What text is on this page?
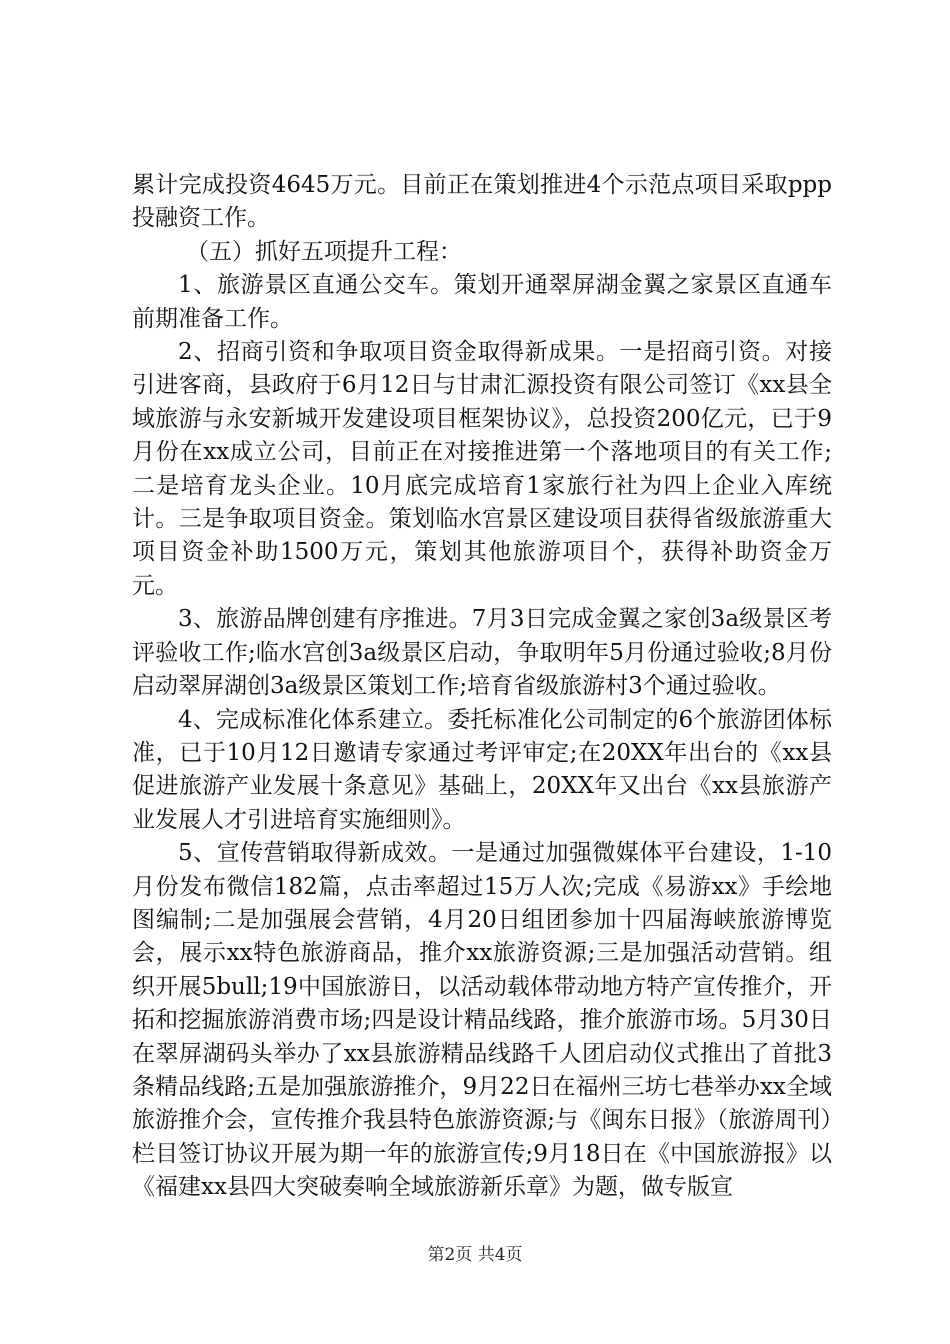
累计完成投资4645万元。目前正在策划推进4个示范点项目采取ppp投融资工作。

（五）抓好五项提升工程：

1、旅游景区直通公交车。策划开通翠屏湖金翼之家景区直通车前期准备工作。

2、招商引资和争取项目资金取得新成果。一是招商引资。对接引进客商，县政府于6月12日与甘肃汇源投资有限公司签订《xx县全域旅游与永安新城开发建设项目框架协议》，总投资200亿元，已于9月份在xx成立公司，目前正在对接推进第一个落地项目的有关工作;二是培育龙头企业。10月底完成培育1家旅行社为四上企业入库统计。三是争取项目资金。策划临水宫景区建设项目获得省级旅游重大项目资金补助1500万元，策划其他旅游项目个，获得补助资金万元。

3、旅游品牌创建有序推进。7月3日完成金翼之家创3a级景区考评验收工作;临水宫创3a级景区启动，争取明年5月份通过验收;8月份启动翠屏湖创3a级景区策划工作;培育省级旅游村3个通过验收。

4、完成标准化体系建立。委托标准化公司制定的6个旅游团体标准，已于10月12日邀请专家通过考评审定;在20XX年出台的《xx县促进旅游产业发展十条意见》基础上，20XX年又出台《xx县旅游产业发展人才引进培育实施细则》。

5、宣传营销取得新成效。一是通过加强微媒体平台建设，1-10月份发布微信182篇，点击率超过15万人次;完成《易游xx》手绘地图编制;二是加强展会营销，4月20日组团参加十四届海峡旅游博览会，展示xx特色旅游商品，推介xx旅游资源;三是加强活动营销。组织开展5bull;19中国旅游日，以活动载体带动地方特产宣传推介，开拓和挖掘旅游消费市场;四是设计精品线路，推介旅游市场。5月30日在翠屏湖码头举办了xx县旅游精品线路千人团启动仪式推出了首批3条精品线路;五是加强旅游推介，9月22日在福州三坊七巷举办xx全域旅游推介会，宣传推介我县特色旅游资源;与《闽东日报》（旅游周刊）栏目签订协议开展为期一年的旅游宣传;9月18日在《中国旅游报》以《福建xx县四大突破奏响全域旅游新乐章》为题，做专版宣

第2页 共4页
